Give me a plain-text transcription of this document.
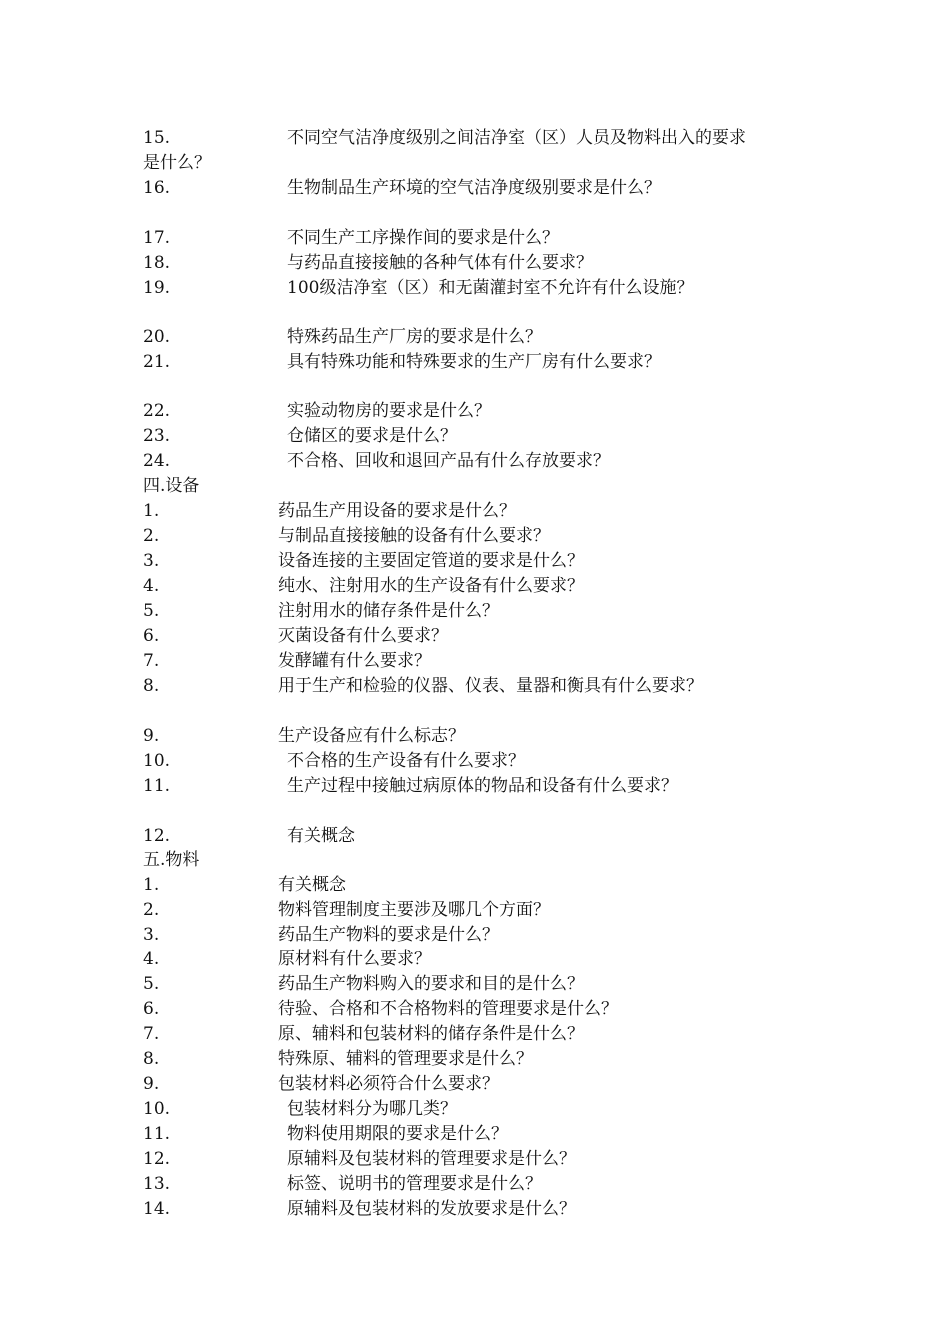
15.	不同空气洁净度级别之间洁净室（区）人员及物料出入的要求
是什么？
16.	生物制品生产环境的空气洁净度级别要求是什么？
17.	不同生产工序操作间的要求是什么？
18.	与药品直接接触的各种气体有什么要求？
19.	100级洁净室（区）和无菌灌封室不允许有什么设施？
20.	特殊药品生产厂房的要求是什么？
21.	具有特殊功能和特殊要求的生产厂房有什么要求？
22.	实验动物房的要求是什么？
23.	仓储区的要求是什么？
24.	不合格、回收和退回产品有什么存放要求？
四.设备
1.	药品生产用设备的要求是什么？
2.	与制品直接接触的设备有什么要求？
3.	设备连接的主要固定管道的要求是什么？
4.	纯水、注射用水的生产设备有什么要求？
5.	注射用水的储存条件是什么？
6.	灭菌设备有什么要求？
7.	发酵罐有什么要求？
8.	用于生产和检验的仪器、仪表、量器和衡具有什么要求？
9.	生产设备应有什么标志？
10.	不合格的生产设备有什么要求？
11.	生产过程中接触过病原体的物品和设备有什么要求？
12.	有关概念
五.物料
1.	有关概念
2.	物料管理制度主要涉及哪几个方面？
3.	药品生产物料的要求是什么？
4.	原材料有什么要求？
5.	药品生产物料购入的要求和目的是什么？
6.	待验、合格和不合格物料的管理要求是什么？
7.	原、辅料和包装材料的储存条件是什么？
8.	特殊原、辅料的管理要求是什么？
9.	包装材料必须符合什么要求？
10.	包装材料分为哪几类？
11.	物料使用期限的要求是什么？
12.	原辅料及包装材料的管理要求是什么？
13.	标签、说明书的管理要求是什么？
14.	原辅料及包装材料的发放要求是什么？
